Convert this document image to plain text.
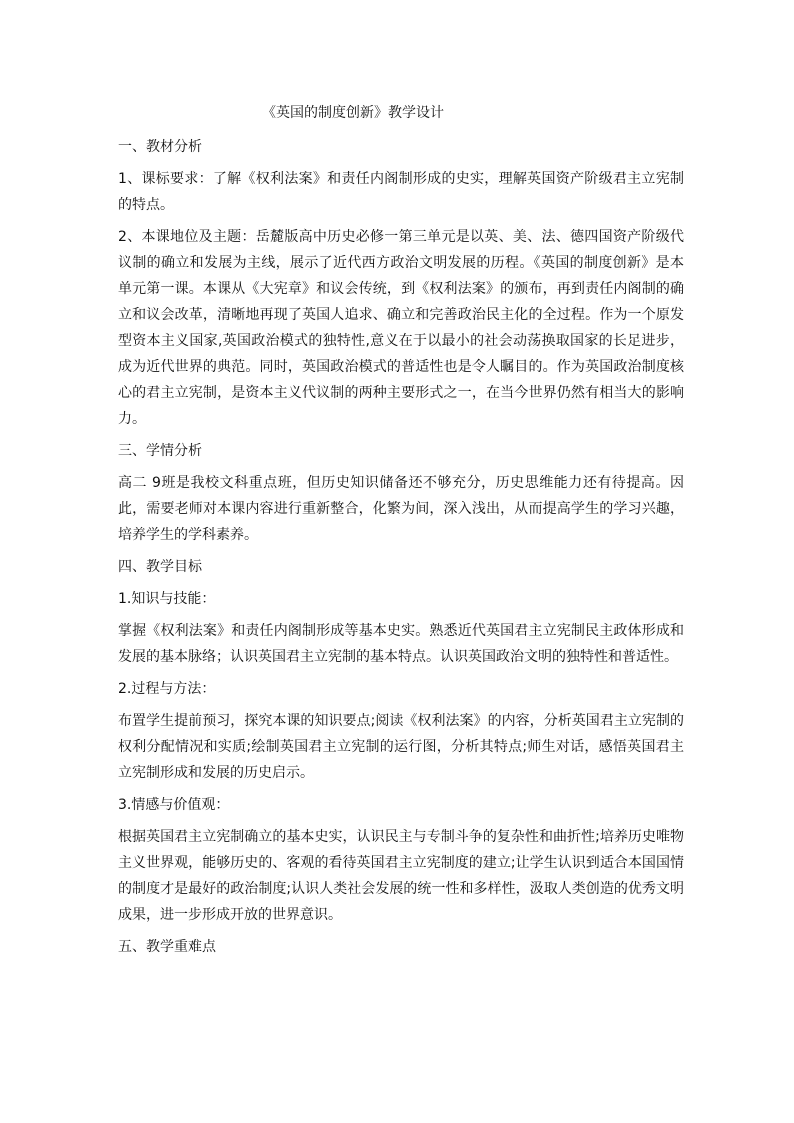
《英国的制度创新》教学设计

一、教材分析

1、课标要求：了解《权利法案》和责任内阁制形成的史实，理解英国资产阶级君主立宪制的特点。

2、本课地位及主题：岳麓版高中历史必修一第三单元是以英、美、法、德四国资产阶级代议制的确立和发展为主线，展示了近代西方政治文明发展的历程。《英国的制度创新》是本单元第一课。本课从《大宪章》和议会传统，到《权利法案》的颁布，再到责任内阁制的确立和议会改革，清晰地再现了英国人追求、确立和完善政治民主化的全过程。作为一个原发型资本主义国家,英国政治模式的独特性,意义在于以最小的社会动荡换取国家的长足进步，成为近代世界的典范。同时，英国政治模式的普适性也是令人瞩目的。作为英国政治制度核心的君主立宪制，是资本主义代议制的两种主要形式之一，在当今世界仍然有相当大的影响力。

三、学情分析

高二 9班是我校文科重点班，但历史知识储备还不够充分，历史思维能力还有待提高。因此，需要老师对本课内容进行重新整合，化繁为间，深入浅出，从而提高学生的学习兴趣，培养学生的学科素养。

四、教学目标

1.知识与技能：

掌握《权利法案》和责任内阁制形成等基本史实。熟悉近代英国君主立宪制民主政体形成和发展的基本脉络；认识英国君主立宪制的基本特点。认识英国政治文明的独特性和普适性。

2.过程与方法：

布置学生提前预习，探究本课的知识要点;阅读《权利法案》的内容，分析英国君主立宪制的权利分配情况和实质;绘制英国君主立宪制的运行图，分析其特点;师生对话，感悟英国君主立宪制形成和发展的历史启示。

3.情感与价值观：

根据英国君主立宪制确立的基本史实，认识民主与专制斗争的复杂性和曲折性;培养历史唯物主义世界观，能够历史的、客观的看待英国君主立宪制度的建立;让学生认识到适合本国国情的制度才是最好的政治制度;认识人类社会发展的统一性和多样性，汲取人类创造的优秀文明成果，进一步形成开放的世界意识。

五、教学重难点
